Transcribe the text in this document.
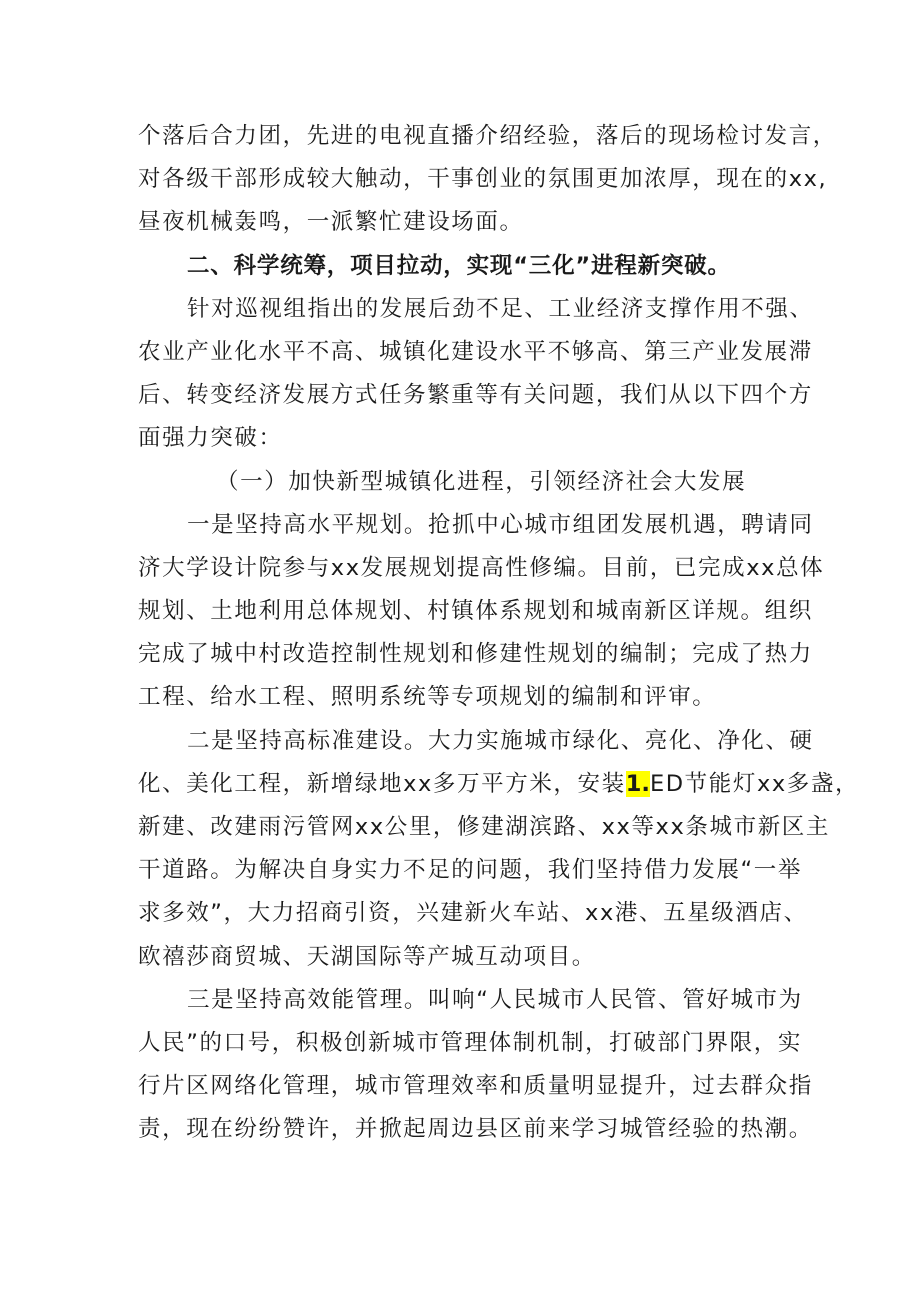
个落后合力团，先进的电视直播介绍经验，落后的现场检讨发言，
对各级干部形成较大触动，干事创业的氛围更加浓厚，现在的xx,
昼夜机械轰鸣，一派繁忙建设场面。
二、科学统筹，项目拉动，实现“三化”进程新突破。
针对巡视组指出的发展后劲不足、工业经济支撑作用不强、
农业产业化水平不高、城镇化建设水平不够高、第三产业发展滞
后、转变经济发展方式任务繁重等有关问题，我们从以下四个方
面强力突破：
（一）加快新型城镇化进程，引领经济社会大发展
一是坚持高水平规划。抢抓中心城市组团发展机遇，聘请同
济大学设计院参与xx发展规划提高性修编。目前，已完成xx总体
规划、土地利用总体规划、村镇体系规划和城南新区详规。组织
完成了城中村改造控制性规划和修建性规划的编制；完成了热力
工程、给水工程、照明系统等专项规划的编制和评审。
二是坚持高标准建设。大力实施城市绿化、亮化、净化、硬
化、美化工程，新增绿地xx多万平方米，安装1.ED节能灯xx多盏，
新建、改建雨污管网xx公里，修建湖滨路、xx等xx条城市新区主
干道路。为解决自身实力不足的问题，我们坚持借力发展“一举
求多效”，大力招商引资，兴建新火车站、xx港、五星级酒店、
欧禧莎商贸城、天湖国际等产城互动项目。
三是坚持高效能管理。叫响“人民城市人民管、管好城市为
人民”的口号，积极创新城市管理体制机制，打破部门界限，实
行片区网络化管理，城市管理效率和质量明显提升，过去群众指
责，现在纷纷赞许，并掀起周边县区前来学习城管经验的热潮。
